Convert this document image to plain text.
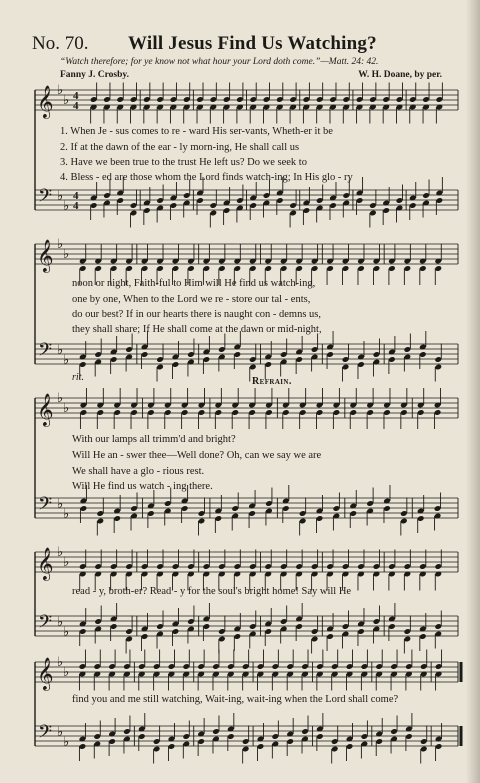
No. 70. Will Jesus Find Us Watching?
“Watch therefore; for ye know not what hour your Lord doth come.”—Matt. 24: 42.
Fanny J. Crosby.	W. H. Doane, by per.
𝄞
𝄢
♭
♭
♭
♭
4
4
4
4
1. When Je - sus comes to re - ward His ser-vants, Wheth-er it be
2. If at the dawn of the ear - ly morn-ing, He shall call us
3. Have we been true to the trust He left us? Do we seek to
4. Bless - ed are those whom the Lord finds watch-ing; In His glo - ry
𝄞
𝄢
♭
♭
♭
♭
noon or night, Faith-ful to Him will He find us watch-ing,
one by one, When to the Lord we re - store our tal - ents,
do our best? If in our hearts there is naught con - demns us,
they shall share; If He shall come at the dawn or mid-night,
rit.	Refrain.
𝄞
𝄢
♭
♭
♭
♭
With our lamps all trimm'd and bright?
Will He an - swer thee—Well done? Oh, can we say we are
We shall have a glo - rious rest.
Will He find us watch - ing there.
𝄞
𝄢
♭
♭
♭
♭
read - y, broth-er? Read - y for the soul's bright home! Say will He
𝄞
𝄢
♭
♭
♭
♭
find you and me still watching, Wait-ing, wait-ing when the Lord shall come?
